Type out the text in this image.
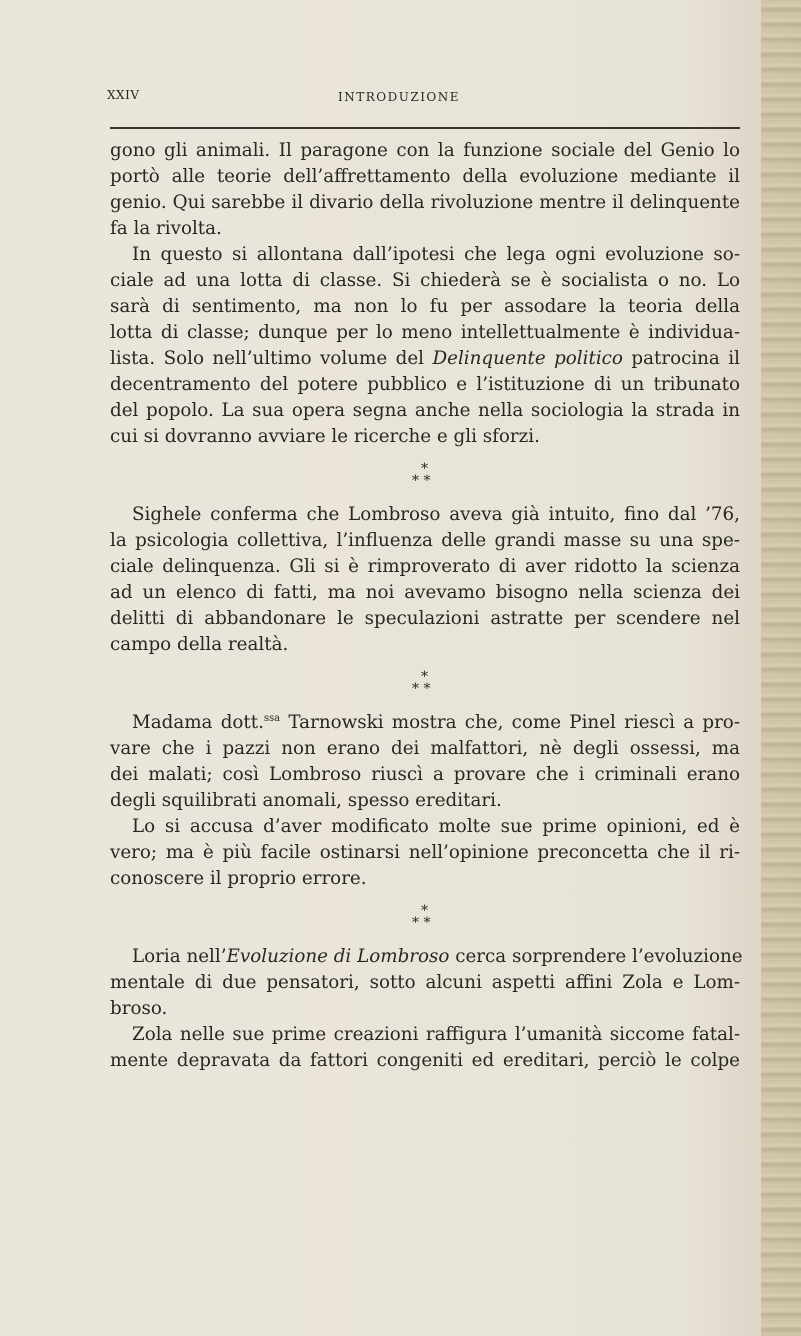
XXIV	INTRODUZIONE
gono gli animali. Il paragone con la funzione sociale del Genio lo
portò alle teorie dell’affrettamento della evoluzione mediante il
genio. Qui sarebbe il divario della rivoluzione mentre il delinquente
fa la rivolta.
In questo si allontana dall’ipotesi che lega ogni evoluzione so-
ciale ad una lotta di classe. Si chiederà se è socialista o no. Lo
sarà di sentimento, ma non lo fu per assodare la teoria della
lotta di classe; dunque per lo meno intellettualmente è individua-
lista. Solo nell’ultimo volume del Delinquente politico patrocina il
decentramento del potere pubblico e l’istituzione di un tribunato
del popolo. La sua opera segna anche nella sociologia la strada in
cui si dovranno avviare le ricerche e gli sforzi.
*
* *
Sighele conferma che Lombroso aveva già intuito, fino dal ’76,
la psicologia collettiva, l’influenza delle grandi masse su una spe-
ciale delinquenza. Gli si è rimproverato di aver ridotto la scienza
ad un elenco di fatti, ma noi avevamo bisogno nella scienza dei
delitti di abbandonare le speculazioni astratte per scendere nel
campo della realtà.
*
* *
Madama dott.$^{ssa}$ Tarnowski mostra che, come Pinel riescì a pro-
vare che i pazzi non erano dei malfattori, nè degli ossessi, ma
dei malati; così Lombroso riuscì a provare che i criminali erano
degli squilibrati anomali, spesso ereditari.
Lo si accusa d’aver modificato molte sue prime opinioni, ed è
vero; ma è più facile ostinarsi nell’opinione preconcetta che il ri-
conoscere il proprio errore.
*
* *
Loria nell’Evoluzione di Lombroso cerca sorprendere l’evoluzione
mentale di due pensatori, sotto alcuni aspetti affini Zola e Lom-
broso.
Zola nelle sue prime creazioni raffigura l’umanità siccome fatal-
mente depravata da fattori congeniti ed ereditari, perciò le colpe
